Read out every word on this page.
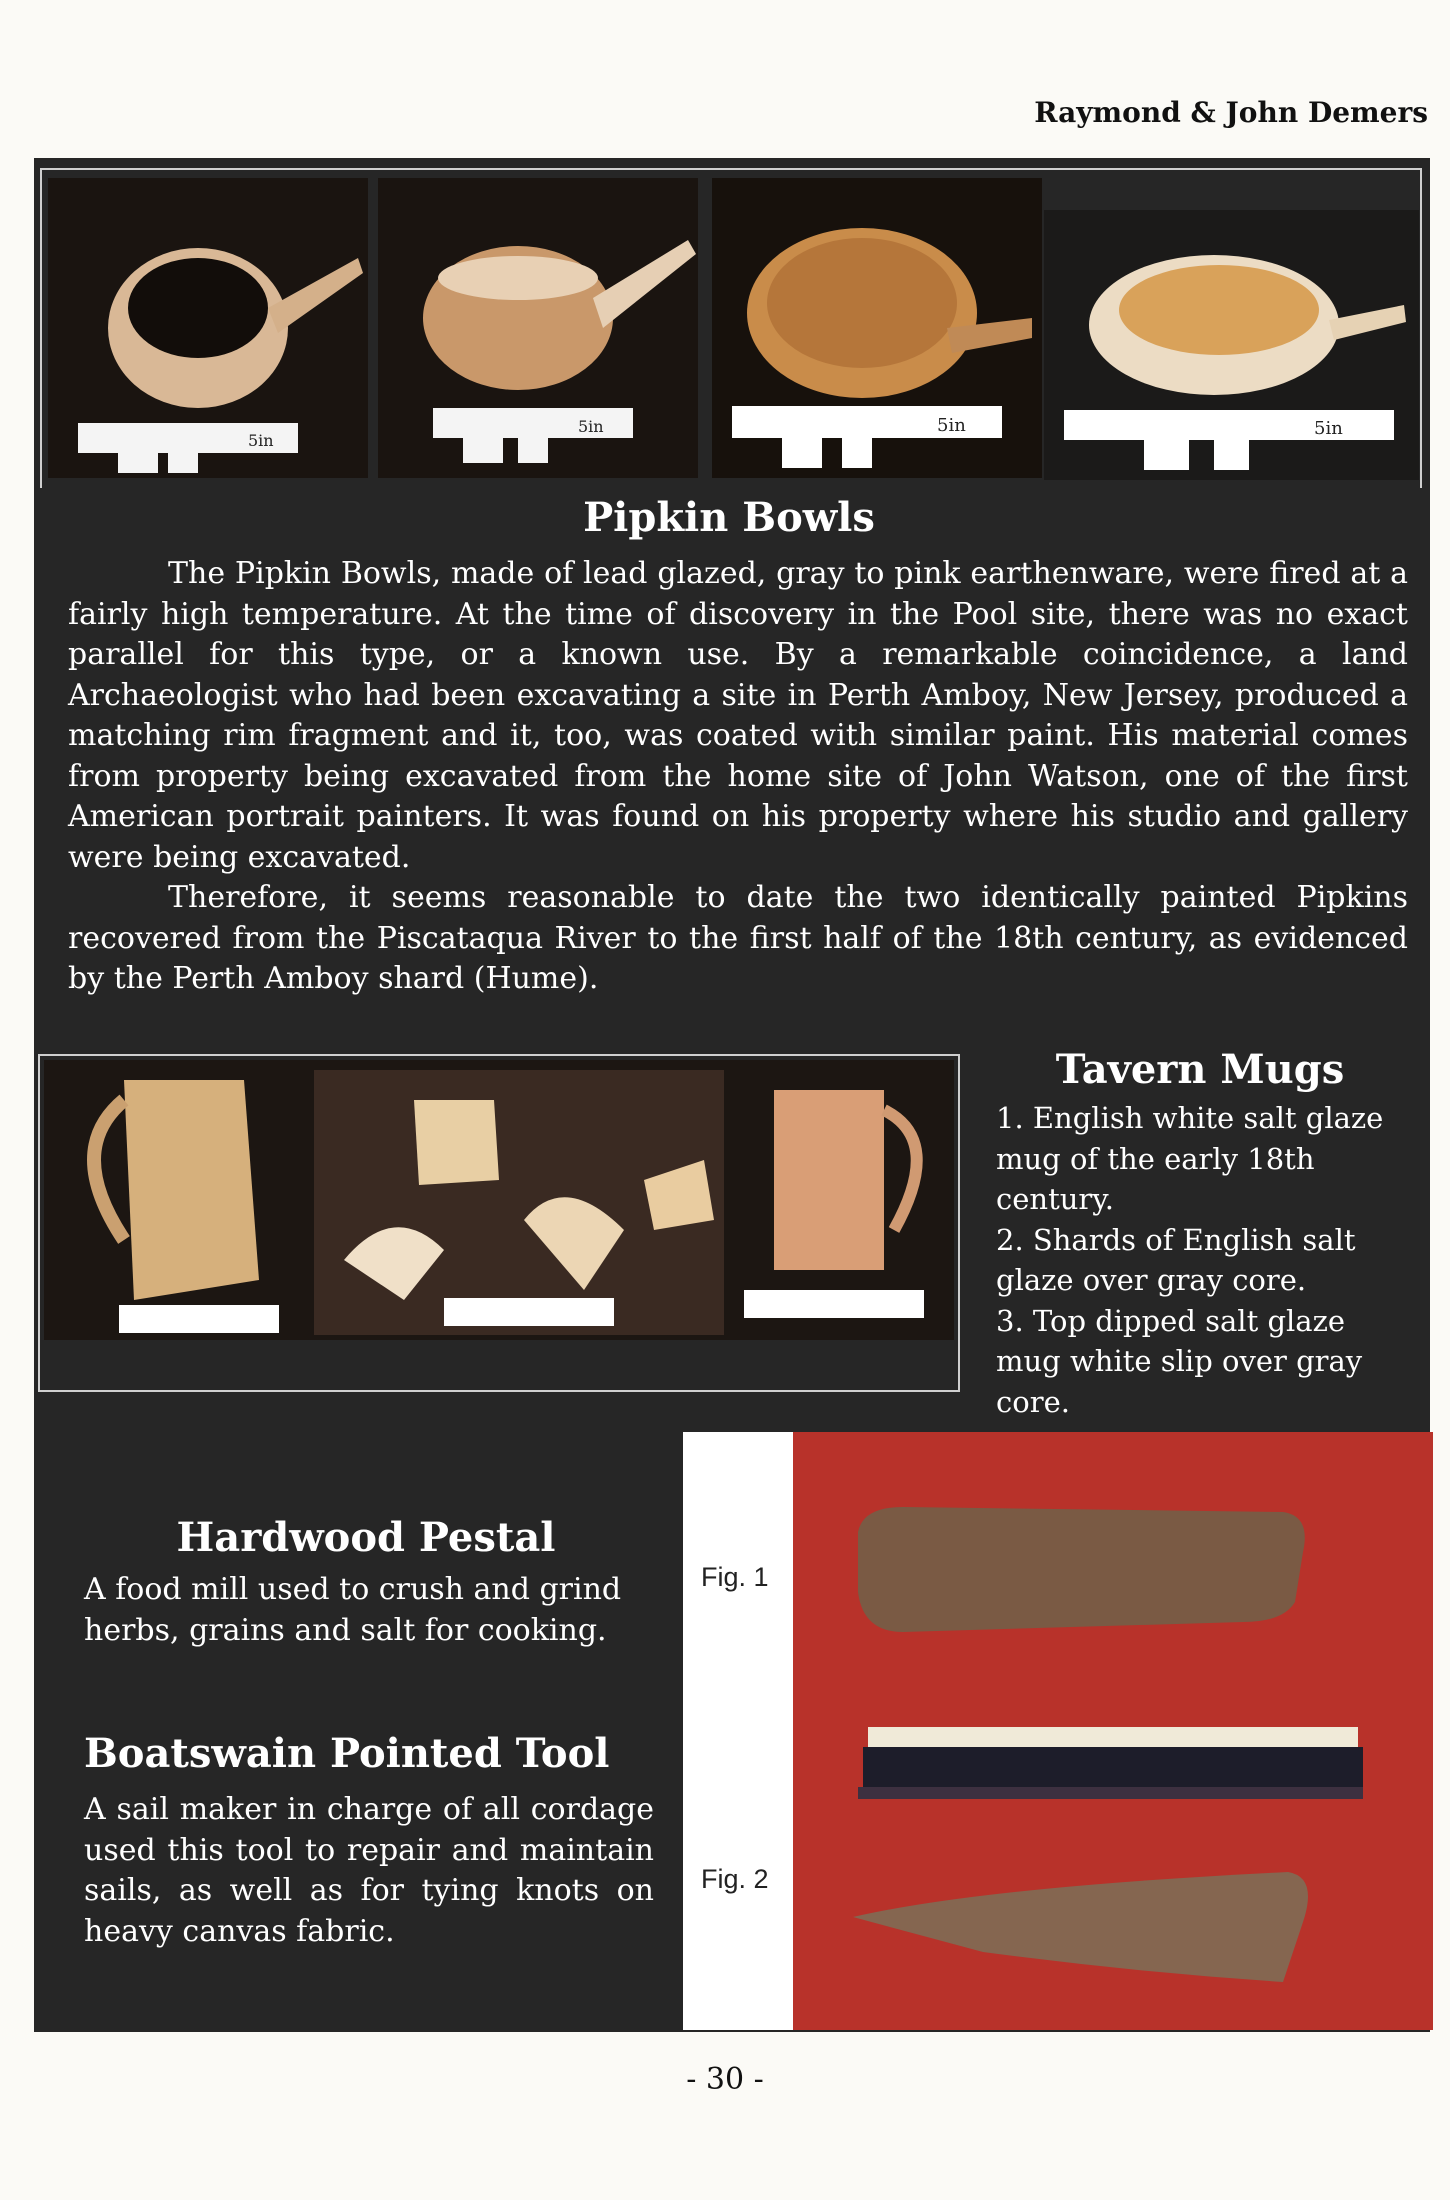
Raymond & John Demers
5in
5in	5in	5in
Pipkin Bowls

The Pipkin Bowls, made of lead glazed, gray to pink earthenware, were fired at a fairly high temperature. At the time of discovery in the Pool site, there was no exact parallel for this type, or a known use. By a remarkable coincidence, a land Archaeologist who had been excavating a site in Perth Amboy, New Jersey, produced a matching rim fragment and it, too, was coated with similar paint. His material comes from property being excavated from the home site of John Watson, one of the first American portrait painters. It was found on his property where his studio and gallery were being excavated.

Therefore, it seems reasonable to date the two identically painted Pipkins recovered from the Piscataqua River to the first half of the 18th century, as evidenced by the Perth Amboy shard (Hume).

Tavern Mugs
1. English white salt glaze mug of the early 18th century.
2. Shards of English salt glaze over gray core.
3. Top dipped salt glaze mug white slip over gray core.
Hardwood Pestal
A food mill used to crush and grind herbs, grains and salt for cooking.
Boatswain Pointed Tool
A sail maker in charge of all cordage used this tool to repair and maintain sails, as well as for tying knots on heavy canvas fabric.
Fig. 1
Fig. 2
- 30 -
